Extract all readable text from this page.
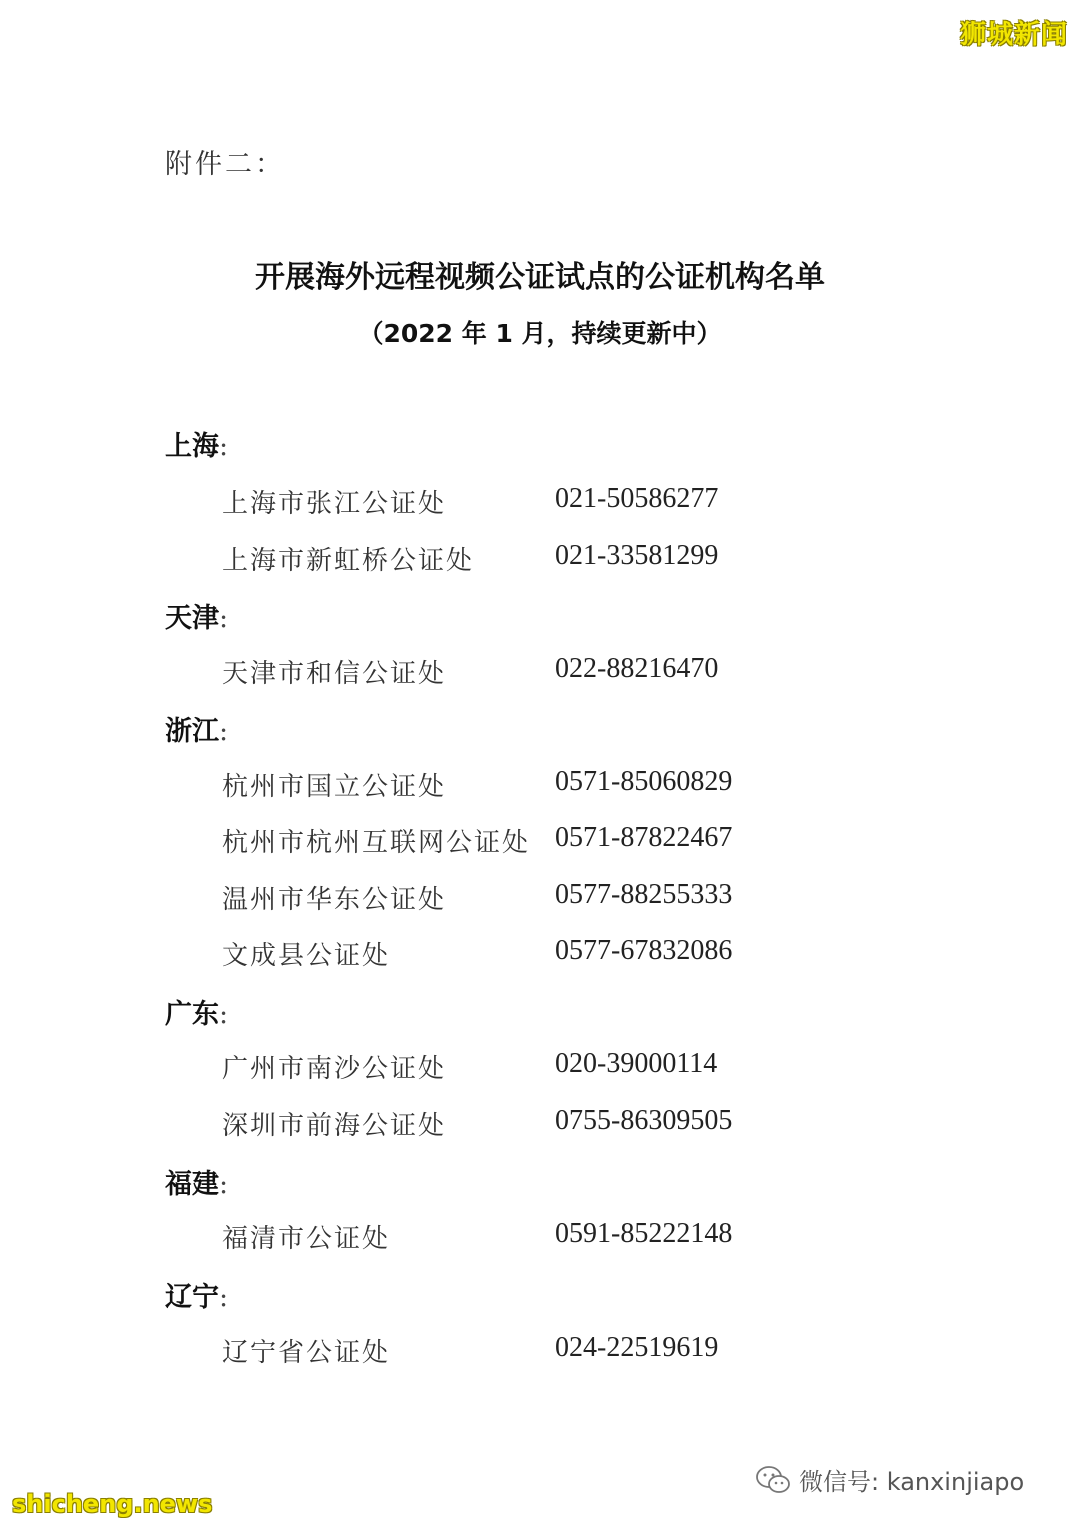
狮城新闻
附件二：
开展海外远程视频公证试点的公证机构名单
（2022 年 1 月，持续更新中）
上海:
上海市张江公证处	021-50586277
上海市新虹桥公证处	021-33581299
天津:
天津市和信公证处	022-88216470
浙江:
杭州市国立公证处	0571-85060829
杭州市杭州互联网公证处 0571-87822467
温州市华东公证处	0577-88255333
文成县公证处	0577-67832086
广东:
广州市南沙公证处	020-39000114
深圳市前海公证处	0755-86309505
福建:
福清市公证处	0591-85222148
辽宁:
辽宁省公证处	024-22519619
微信号: kanxinjiapo
shicheng.news
